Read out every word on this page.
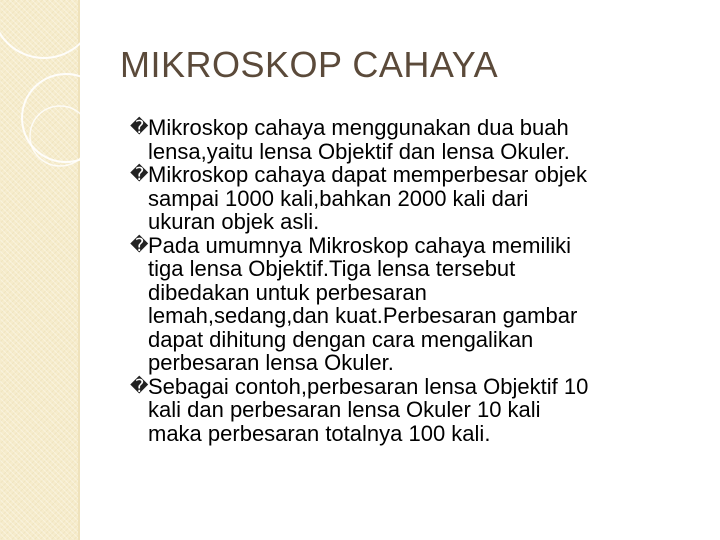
MIKROSKOP CAHAYA
� Mikroskop cahaya menggunakan dua buah
lensa,yaitu lensa Objektif dan lensa Okuler.
� Mikroskop cahaya dapat memperbesar objek
sampai 1000 kali,bahkan 2000 kali dari
ukuran objek asli.
� Pada umumnya Mikroskop cahaya memiliki
tiga lensa Objektif.Tiga lensa tersebut
dibedakan untuk perbesaran
lemah,sedang,dan kuat.Perbesaran gambar
dapat dihitung dengan cara mengalikan
perbesaran lensa Okuler.
� Sebagai contoh,perbesaran lensa Objektif 10
kali dan perbesaran lensa Okuler 10 kali
maka perbesaran totalnya 100 kali.
